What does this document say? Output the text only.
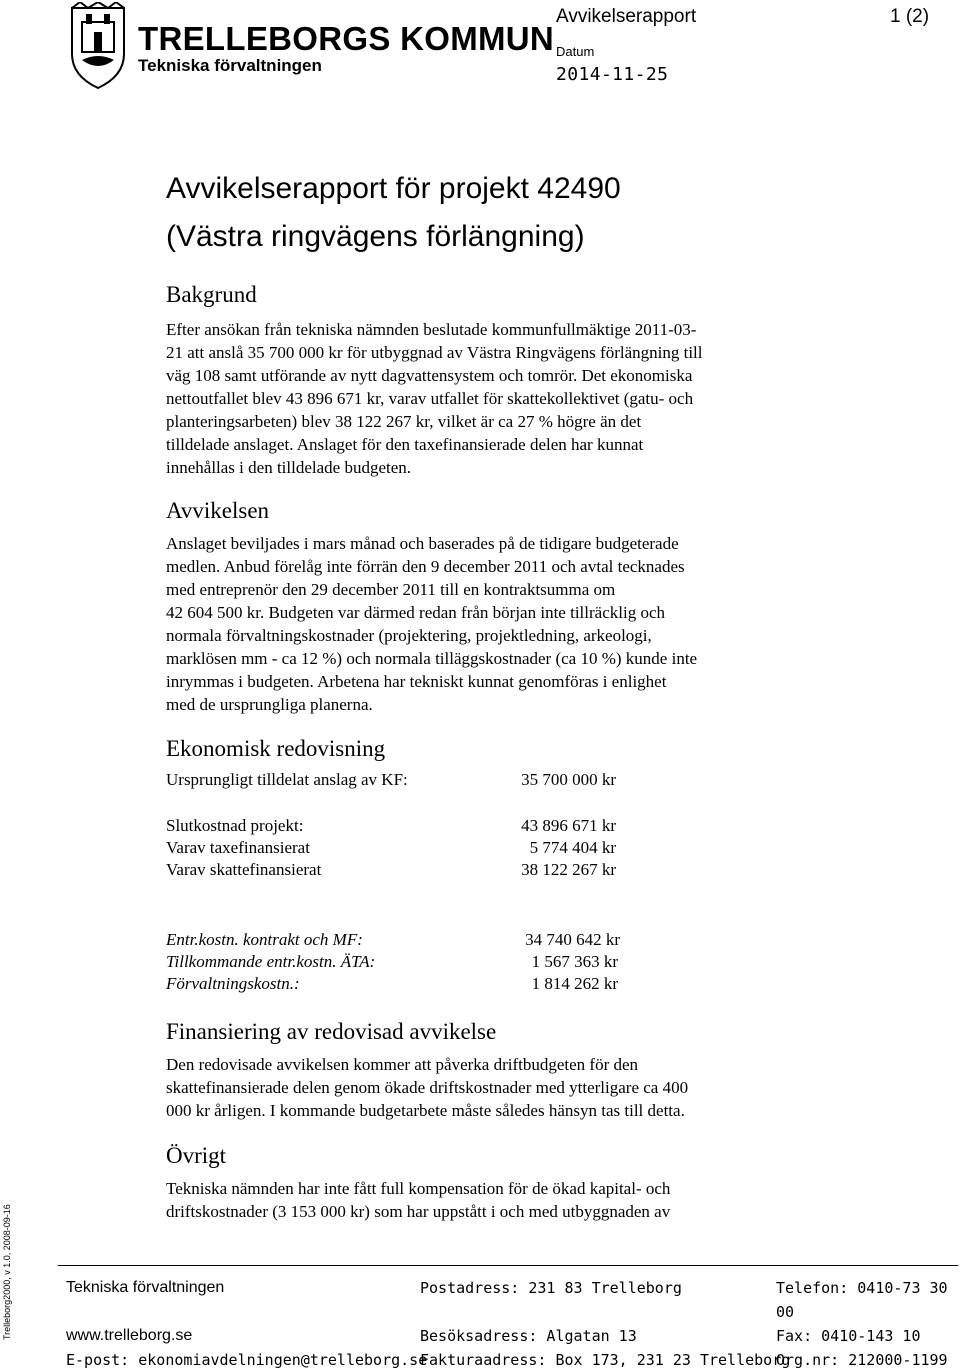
TRELLEBORGS KOMMUN
Tekniska förvaltningen
Avvikelserapport	1 (2)
Datum
2014-11-25
Avvikelserapport för projekt 42490
(Västra ringvägens förlängning)
Bakgrund
Efter ansökan från tekniska nämnden beslutade kommunfullmäktige 2011-03-
21 att anslå 35 700 000 kr för utbyggnad av Västra Ringvägens förlängning till
väg 108 samt utförande av nytt dagvattensystem och tomrör. Det ekonomiska
nettoutfallet blev 43 896 671 kr, varav utfallet för skattekollektivet (gatu- och
planteringsarbeten) blev 38 122 267 kr, vilket är ca 27 % högre än det
tilldelade anslaget. Anslaget för den taxefinansierade delen har kunnat
innehållas i den tilldelade budgeten.
Avvikelsen
Anslaget beviljades i mars månad och baserades på de tidigare budgeterade
medlen. Anbud förelåg inte förrän den 9 december 2011 och avtal tecknades
med entreprenör den 29 december 2011 till en kontraktsumma om
42 604 500 kr. Budgeten var därmed redan från början inte tillräcklig och
normala förvaltningskostnader (projektering, projektledning, arkeologi,
marklösen mm - ca 12 %) och normala tilläggskostnader (ca 10 %) kunde inte
inrymmas i budgeten. Arbetena har tekniskt kunnat genomföras i enlighet
med de ursprungliga planerna.
Ekonomisk redovisning
Ursprungligt tilldelat anslag av KF:	35 700 000 kr
Slutkostnad projekt:	43 896 671 kr
Varav taxefinansierat	5 774 404 kr
Varav skattefinansierat	38 122 267 kr
Entr.kostn. kontrakt och MF:	34 740 642 kr
Tillkommande entr.kostn. ÄTA:	1 567 363 kr
Förvaltningskostn.:	1 814 262 kr
Finansiering av redovisad avvikelse
Den redovisade avvikelsen kommer att påverka driftbudgeten för den
skattefinansierade delen genom ökade driftskostnader med ytterligare ca 400
000 kr årligen. I kommande budgetarbete måste således hänsyn tas till detta.
Övrigt
Tekniska nämnden har inte fått full kompensation för de ökad kapital- och
driftskostnader (3 153 000 kr) som har uppstått i och med utbyggnaden av
Trelleborg2000, v 1.0, 2008-09-16	Tekniska förvaltningen
www.trelleborg.se
E-post: ekonomiavdelningen@trelleborg.se
Postadress: 231 83 Trelleborg
Besöksadress: Algatan 13
Fakturaadress: Box 173, 231 23 Trelleborg
Telefon: 0410-73 30
00
Fax: 0410-143 10
Org.nr: 212000-1199
